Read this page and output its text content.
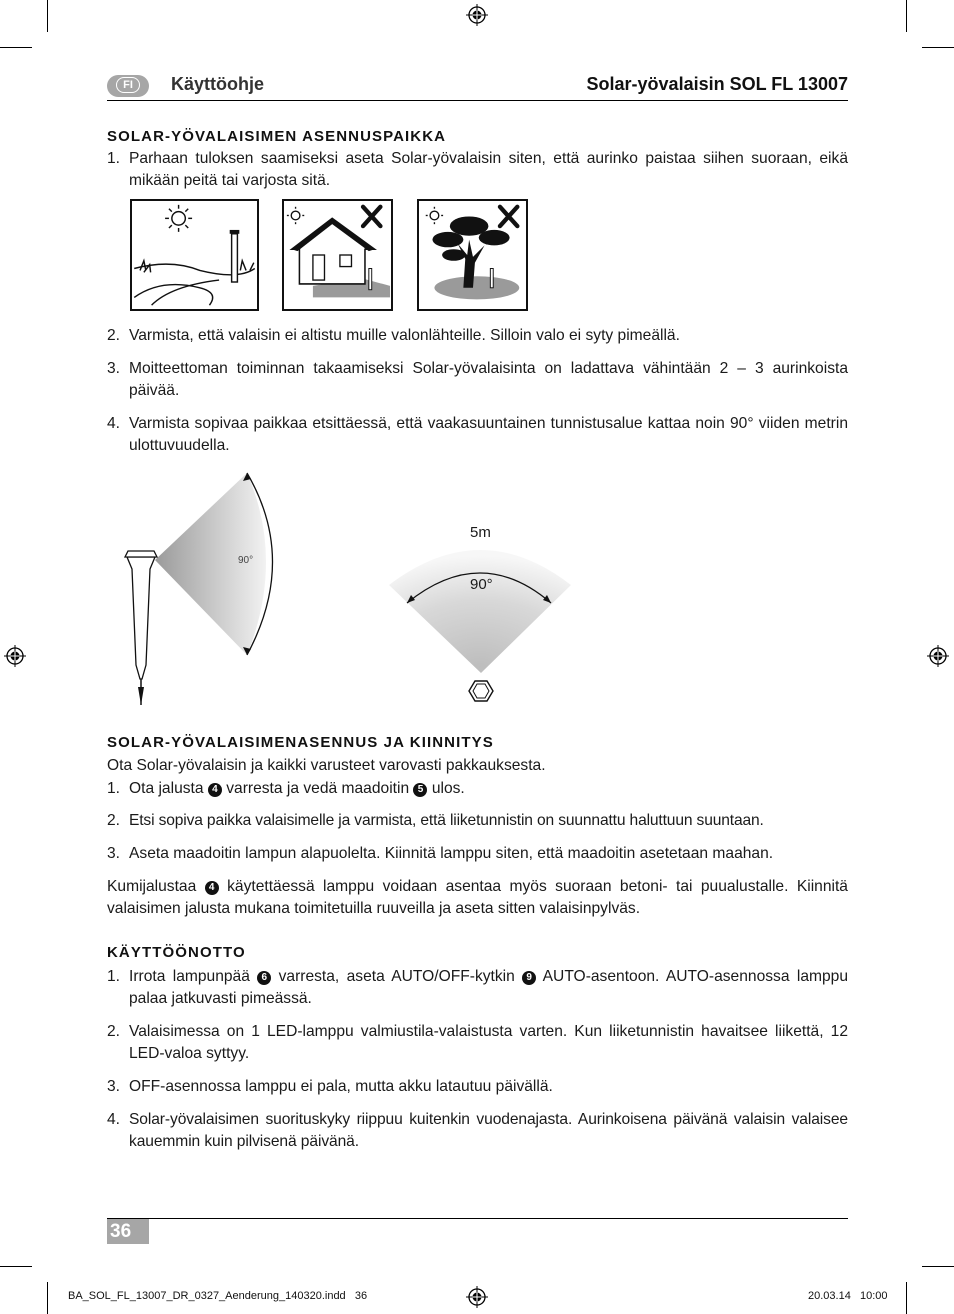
FI	Käyttöohje	Solar-yövalaisin SOL FL 13007
SOLAR-YÖVALAISIMEN ASENNUSPAIKKA
1. Parhaan tuloksen saamiseksi aseta Solar-yövalaisin siten, että aurinko paistaa siihen suoraan, eikä mikään peitä tai varjosta sitä.
2. Varmista, että valaisin ei altistu muille valonlähteille. Silloin valo ei syty pimeällä.
3. Moitteettoman toiminnan takaamiseksi Solar-yövalaisinta on ladattava vähintään 2 – 3 aurinkoista päivää.
4. Varmista sopivaa paikkaa etsittäessä, että vaakasuuntainen tunnistusalue kattaa noin 90° viiden metrin ulottuvuudella.
90°
5m
90°
SOLAR-YÖVALAISIMENASENNUS JA KIINNITYS
Ota Solar-yövalaisin ja kaikki varusteet varovasti pakkauksesta.
1. Ota jalusta 4 varresta ja vedä maadoitin 5 ulos.
2. Etsi sopiva paikka valaisimelle ja varmista, että liiketunnistin on suunnattu haluttuun suuntaan.
3. Aseta maadoitin lampun alapuolelta. Kiinnitä lamppu siten, että maadoitin asetetaan maahan.
Kumijalustaa 4 käytettäessä lamppu voidaan asentaa myös suoraan betoni- tai puualustalle. Kiinnitä valaisimen jalusta mukana toimitetuilla ruuveilla ja aseta sitten valaisinpylväs.
KÄYTTÖÖNOTTO
1. Irrota lampunpää 6 varresta, aseta AUTO/OFF-kytkin 9 AUTO-asentoon. AUTO-asennossa lamppu palaa jatkuvasti pimeässä.
2. Valaisimessa on 1 LED-lamppu valmiustila-valaistusta varten. Kun liiketunnistin havaitsee liikettä, 12 LED-valoa syttyy.
3. OFF-asennossa lamppu ei pala, mutta akku latautuu päivällä.
4. Solar-yövalaisimen suorituskyky riippuu kuitenkin vuodenajasta. Aurinkoisena päivänä valaisin valaisee kauemmin kuin pilvisenä päivänä.
36
BA_SOL_FL_13007_DR_0327_Aenderung_140320.indd   36	20.03.14   10:00
